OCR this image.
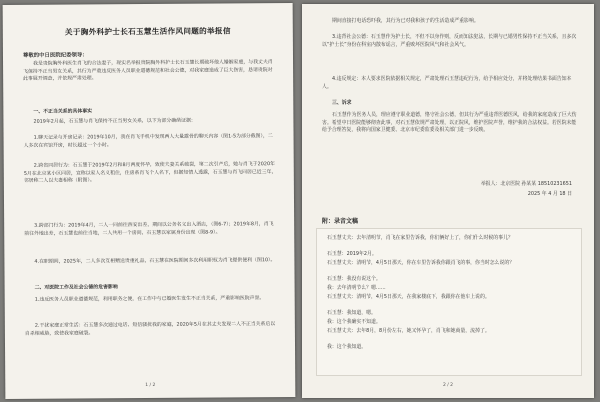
关于胸外科护士长石玉慧生活作风问题的举报信
尊敬的中日医院纪委领导：
我是贵院胸外科医生肖飞的合法妻子，现实名举报贵院胸外科护士长石玉慧长期破坏他人婚姻家庭，与我丈夫肖飞保持不正当男女关系，其行为严重违反医务人员职业道德规范和社会公德，对我家庭造成了巨大伤害，恳请贵院对此事展开调查，并依规严肃处理。
一、不正当关系的具体事实
2019年2月起，石玉慧与肖飞保持不正当男女关系，以下为部分确凿证据：
1.聊天记录与开房记录：2019年10月，我在肖飞手机中发现两人大量露骨的聊天内容（图1-5为部分截图），二人多次在宾馆开房，时长超过一个小时。
2.跨省同居行为：石玉慧于2019年2月和8月两度怀孕，致使夫妻关系破裂，第二次引产后，她与肖飞于2020年5月在北京某小区同居，宣称以家人名义租住，住房系肖飞个人名下，但据知情人透露，石玉慧与肖飞同居已近三年，邻居称二人以夫妻相称（附图）。
3.跨部门行为：2019年4月，二人一同前往西安出差，期间以公务名义出入酒店，（图6-7）；2019年8月，肖飞前往外地出差，石玉慧也前往当地，二人共用一个房间，石玉慧以家属身份出现（图8-9）。
4.在职期间，2025年，二人多次互相赠送贵重礼品，石玉慧在医院期间多次利用职权为肖飞提供便利（图10）。
二、对医院工作及社会公德的危害影响
1.违反医务人员职业道德规范，利用职务之便，在工作中与已婚医生发生不正当关系，严重影响医院声誉。
2.干扰家庭正常生活：石玉慧多次通过电话、短信骚扰我的家庭，2020年5月在其丈夫发现二人不正当关系后以自杀相威胁，致使我家庭破裂。
1 / 2
期间直接打电话恐吓我，其行为已对我和孩子的生活造成严重影响。
3.违背社会公德：石玉慧作为护士长，不但不以身作则，反而知法犯法，长期与已婚男性保持不正当关系，且多次以“护士长”身份在科室内散布谣言，严重败坏医院风气和社会风气。
4.违反规定：本人要求医院依据相关规定，严肃处理石玉慧违纪行为，给予相应处分，并将处理结果书面告知本人。
三、诉求
石玉慧作为医务人员，理应遵守职业道德，恪守社会公德，但其行为严重违背医德医风，给我的家庭造成了巨大伤害。希望中日医院能够彻查此事，对石玉慧依规严肃处理，以正院风，维护医院声誉，维护我的合法权益。若医院未能给予合理答复，我将向国家卫健委、北京市纪委监委及相关部门进一步反映。
举报人：北京医院 孙某某 18510231651
2025 年 4 月 18 日
附：录音文稿
石玉慧丈夫：去年清明节，肖飞在家里告诉我，你们俩好上了，你们什么时候的事儿？
石玉慧：2019年2月。
石玉慧丈夫：清明节，4月5日那天，你在车里告诉我你跟肖飞的事，你当时怎么说的？
石玉慧：我没有说这个。
我：去年清明节么？嗯……
石玉慧丈夫：清明节，4月5日那天，在我家楼底下，我跟你在他车上说的。
石玉慧：我知道，嗯。
我：这个我确实不知道。
石玉慧丈夫：去年8月，8月份左右，她又怀孕了，肖飞和她商量，流掉了。
我：这个我知道。
2 / 2
